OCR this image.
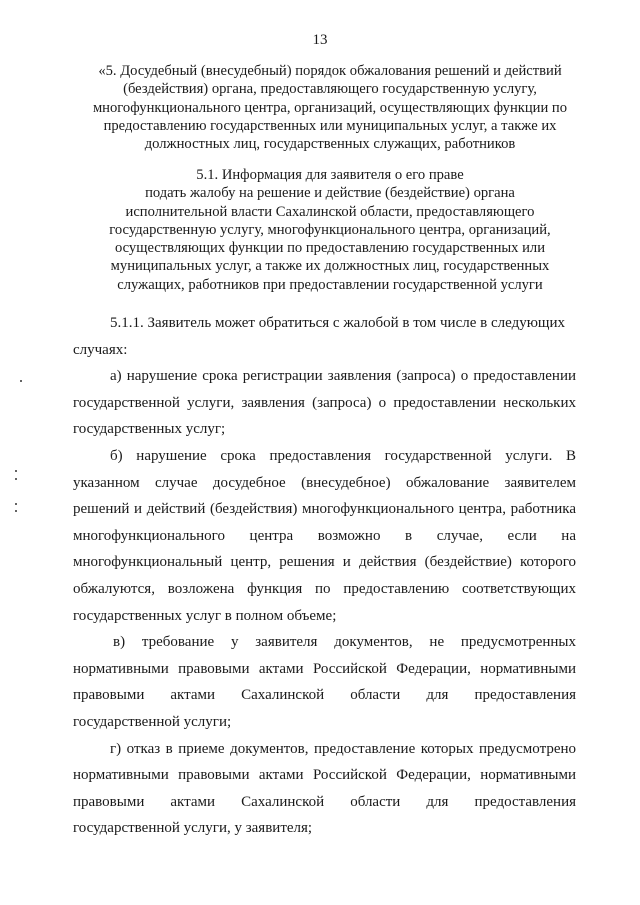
13
«5. Досудебный (внесудебный) порядок обжалования решений и действий
(бездействия) органа, предоставляющего государственную услугу,
многофункционального центра, организаций, осуществляющих функции по
предоставлению государственных или муниципальных услуг, а также их
должностных лиц, государственных служащих, работников
5.1. Информация для заявителя о его праве
подать жалобу на решение и действие (бездействие) органа
исполнительной власти Сахалинской области, предоставляющего
государственную услугу, многофункционального центра, организаций,
осуществляющих функции по предоставлению государственных или
муниципальных услуг, а также их должностных лиц, государственных
служащих, работников при предоставлении государственной услуги
5.1.1. Заявитель может обратиться с жалобой в том числе в следующих
случаях:
а) нарушение срока регистрации заявления (запроса) о предоставлении
государственной услуги, заявления (запроса) о предоставлении нескольких
государственных услуг;
б) нарушение срока предоставления государственной услуги. В
указанном случае досудебное (внесудебное) обжалование заявителем
решений и действий (бездействия) многофункционального центра, работника
многофункционального центра возможно в случае, если на
многофункциональный центр, решения и действия (бездействие) которого
обжалуются, возложена функция по предоставлению соответствующих
государственных услуг в полном объеме;
в) требование у заявителя документов, не предусмотренных
нормативными правовыми актами Российской Федерации, нормативными
правовыми актами Сахалинской области для предоставления
государственной услуги;
г) отказ в приеме документов, предоставление которых предусмотрено
нормативными правовыми актами Российской Федерации, нормативными
правовыми актами Сахалинской области для предоставления
государственной услуги, у заявителя;
